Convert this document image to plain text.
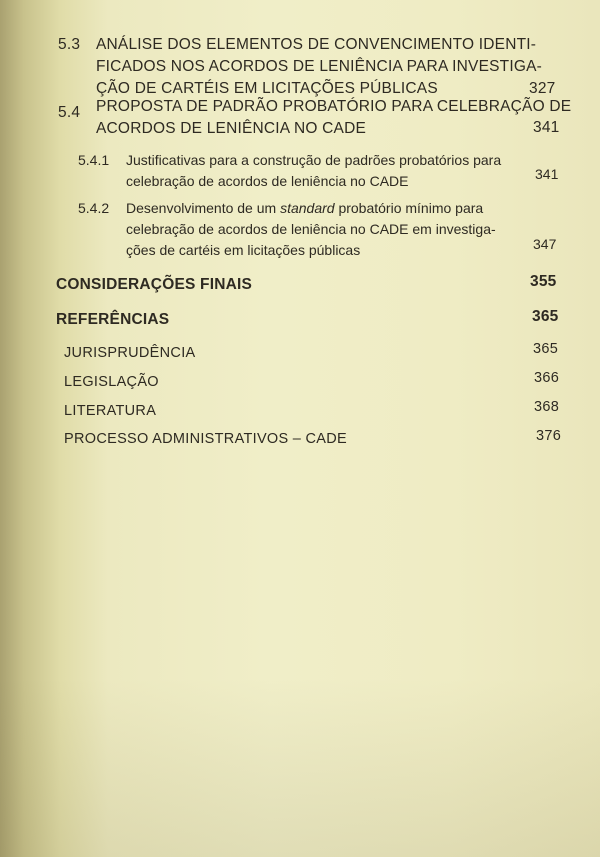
5.3 ANÁLISE DOS ELEMENTOS DE CONVENCIMENTO IDENTI-
FICADOS NOS ACORDOS DE LENIÊNCIA PARA INVESTIGA-
ÇÃO DE CARTÉIS EM LICITAÇÕES PÚBLICAS	327
5.4 PROPOSTA DE PADRÃO PROBATÓRIO PARA CELEBRAÇÃO DE
ACORDOS DE LENIÊNCIA NO CADE	341
5.4.1 Justificativas para a construção de padrões probatórios para
celebração de acordos de leniência no CADE	341
5.4.2 Desenvolvimento de um standard probatório mínimo para
celebração de acordos de leniência no CADE em investiga-
ções de cartéis em licitações públicas	347
CONSIDERAÇÕES FINAIS	355
REFERÊNCIAS	365
JURISPRUDÊNCIA	365
LEGISLAÇÃO	366
LITERATURA	368
PROCESSO ADMINISTRATIVOS – CADE	376
